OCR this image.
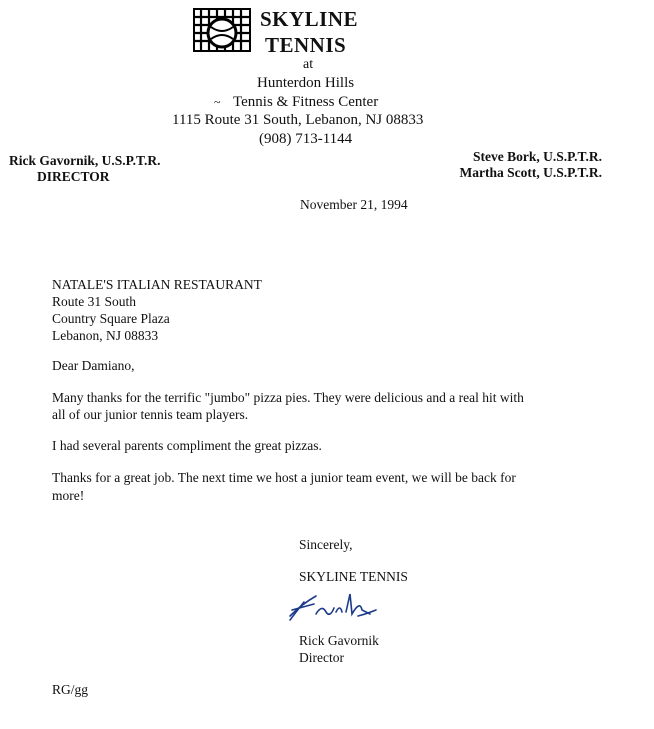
SKYLINE
TENNIS
at
Hunterdon Hills
~ Tennis & Fitness Center
1115 Route 31 South, Lebanon, NJ 08833
(908) 713-1144
Rick Gavornik, U.S.P.T.R.
DIRECTOR
Steve Bork, U.S.P.T.R.
Martha Scott, U.S.P.T.R.
November 21, 1994
NATALE'S ITALIAN RESTAURANT
Route 31 South
Country Square Plaza
Lebanon, NJ 08833
Dear Damiano,
Many thanks for the terrific "jumbo" pizza pies. They were delicious and a real hit with
all of our junior tennis team players.
I had several parents compliment the great pizzas.
Thanks for a great job. The next time we host a junior team event, we will be back for
more!
Sincerely,
SKYLINE TENNIS
Rick Gavornik
Director
RG/gg
